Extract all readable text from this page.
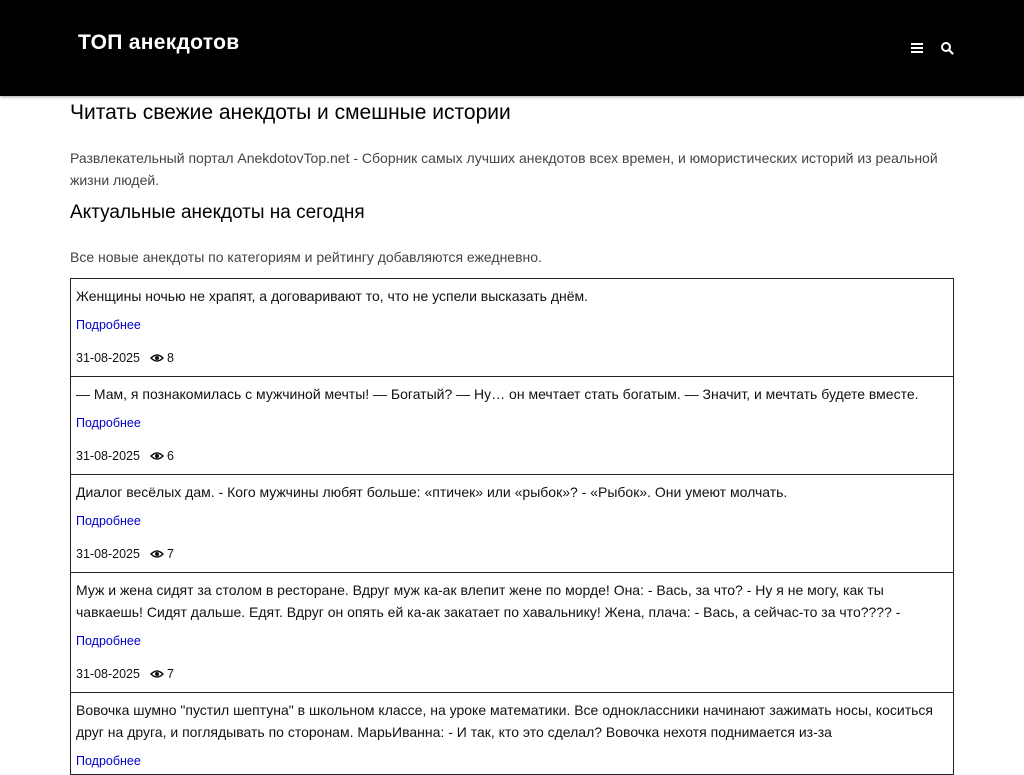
ТОП анекдотов
Читать свежие анекдоты и смешные истории

Развлекательный портал AnekdotovTop.net - Сборник самых лучших анекдотов всех времен, и юмористических историй из реальной жизни людей.

Актуальные анекдоты на сегодня

Все новые анекдоты по категориям и рейтингу добавляются ежедневно.

Женщины ночью не храпят, а договаривают то, что не успели высказать днём.
Подробнее
31-08-2025 8
— Мам, я познакомилась с мужчиной мечты! — Богатый? — Ну… он мечтает стать богатым. — Значит, и мечтать будете вместе.
Подробнее
31-08-2025 6
Диалог весёлых дам. - Кого мужчины любят больше: «птичек» или «рыбок»? - «Рыбок». Они умеют молчать.
Подробнее
31-08-2025 7
Муж и жена сидят за столом в ресторане. Вдруг муж ка-ак влепит жене по морде! Она: - Вась, за что? - Ну я не могу, как ты чавкаешь! Сидят дальше. Едят. Вдруг он опять ей ка-ак закатает по хавальнику! Жена, плача: - Вась, а сейчас-то за что???? -
Подробнее
31-08-2025 7
Вовочка шумно "пустил шептуна" в школьном классе, на уроке математики. Все одноклассники начинают зажимать носы, коситься друг на друга, и поглядывать по сторонам. МарьИванна: - И так, кто это сделал? Вовочка нехотя поднимается из-за
Подробнее
